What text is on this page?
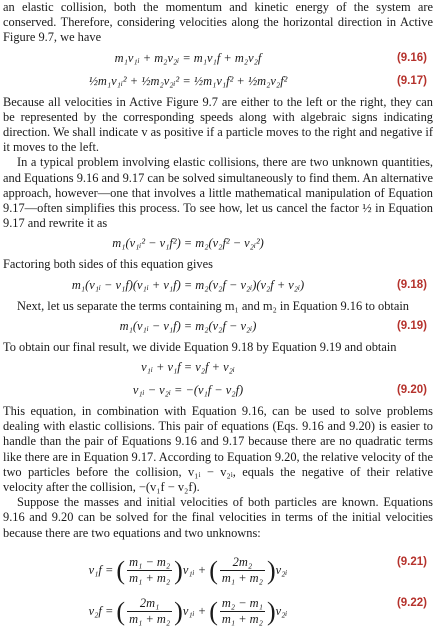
an elastic collision, both the momentum and kinetic energy of the system are conserved. Therefore, considering velocities along the horizontal direction in Active Figure 9.7, we have

m₁v₁ᵢ + m₂v₂ᵢ = m₁v₁f + m₂v₂f	(9.16)
½m₁v₁ᵢ² + ½m₂v₂ᵢ² = ½m₁v₁f² + ½m₂v₂f²	(9.17)

Because all velocities in Active Figure 9.7 are either to the left or the right, they can be represented by the corresponding speeds along with algebraic signs indicating direction. We shall indicate v as positive if a particle moves to the right and negative if it moves to the left.

In a typical problem involving elastic collisions, there are two unknown quantities, and Equations 9.16 and 9.17 can be solved simultaneously to find them. An alternative approach, however—one that involves a little mathematical manipulation of Equation 9.17—often simplifies this process. To see how, let us cancel the factor ½ in Equation 9.17 and rewrite it as

m₁(v₁ᵢ² − v₁f²) = m₂(v₂f² − v₂ᵢ²)

Factoring both sides of this equation gives

m₁(v₁ᵢ − v₁f)(v₁ᵢ + v₁f) = m₂(v₂f − v₂ᵢ)(v₂f + v₂ᵢ)	(9.18)

Next, let us separate the terms containing m₁ and m₂ in Equation 9.16 to obtain

m₁(v₁ᵢ − v₁f) = m₂(v₂f − v₂ᵢ)	(9.19)

To obtain our final result, we divide Equation 9.18 by Equation 9.19 and obtain

v₁ᵢ + v₁f = v₂f + v₂ᵢ
v₁ᵢ − v₂ᵢ = −(v₁f − v₂f)	(9.20)

This equation, in combination with Equation 9.16, can be used to solve problems dealing with elastic collisions. This pair of equations (Eqs. 9.16 and 9.20) is easier to handle than the pair of Equations 9.16 and 9.17 because there are no quadratic terms like there are in Equation 9.17. According to Equation 9.20, the relative velocity of the two particles before the collision, v₁ᵢ − v₂ᵢ, equals the negative of their relative velocity after the collision, −(v₁f − v₂f).

Suppose the masses and initial velocities of both particles are known. Equations 9.16 and 9.20 can be solved for the final velocities in terms of the initial velocities because there are two equations and two unknowns:

v₁f =
( $\frac{\text{m₁ − m₂}}{\text{m₁ + m₂}}$ ) v₁ᵢ +
( $\frac{\text{2m₂}}{\text{m₁ + m₂}}$ ) v₂ᵢ
(9.21)
v₂f =
( $\frac{\text{2m₁}}{\text{m₁ + m₂}}$ ) v₁ᵢ +
( $\frac{\text{m₂ − m₁}}{\text{m₁ + m₂}}$ ) v₂ᵢ
(9.22)
